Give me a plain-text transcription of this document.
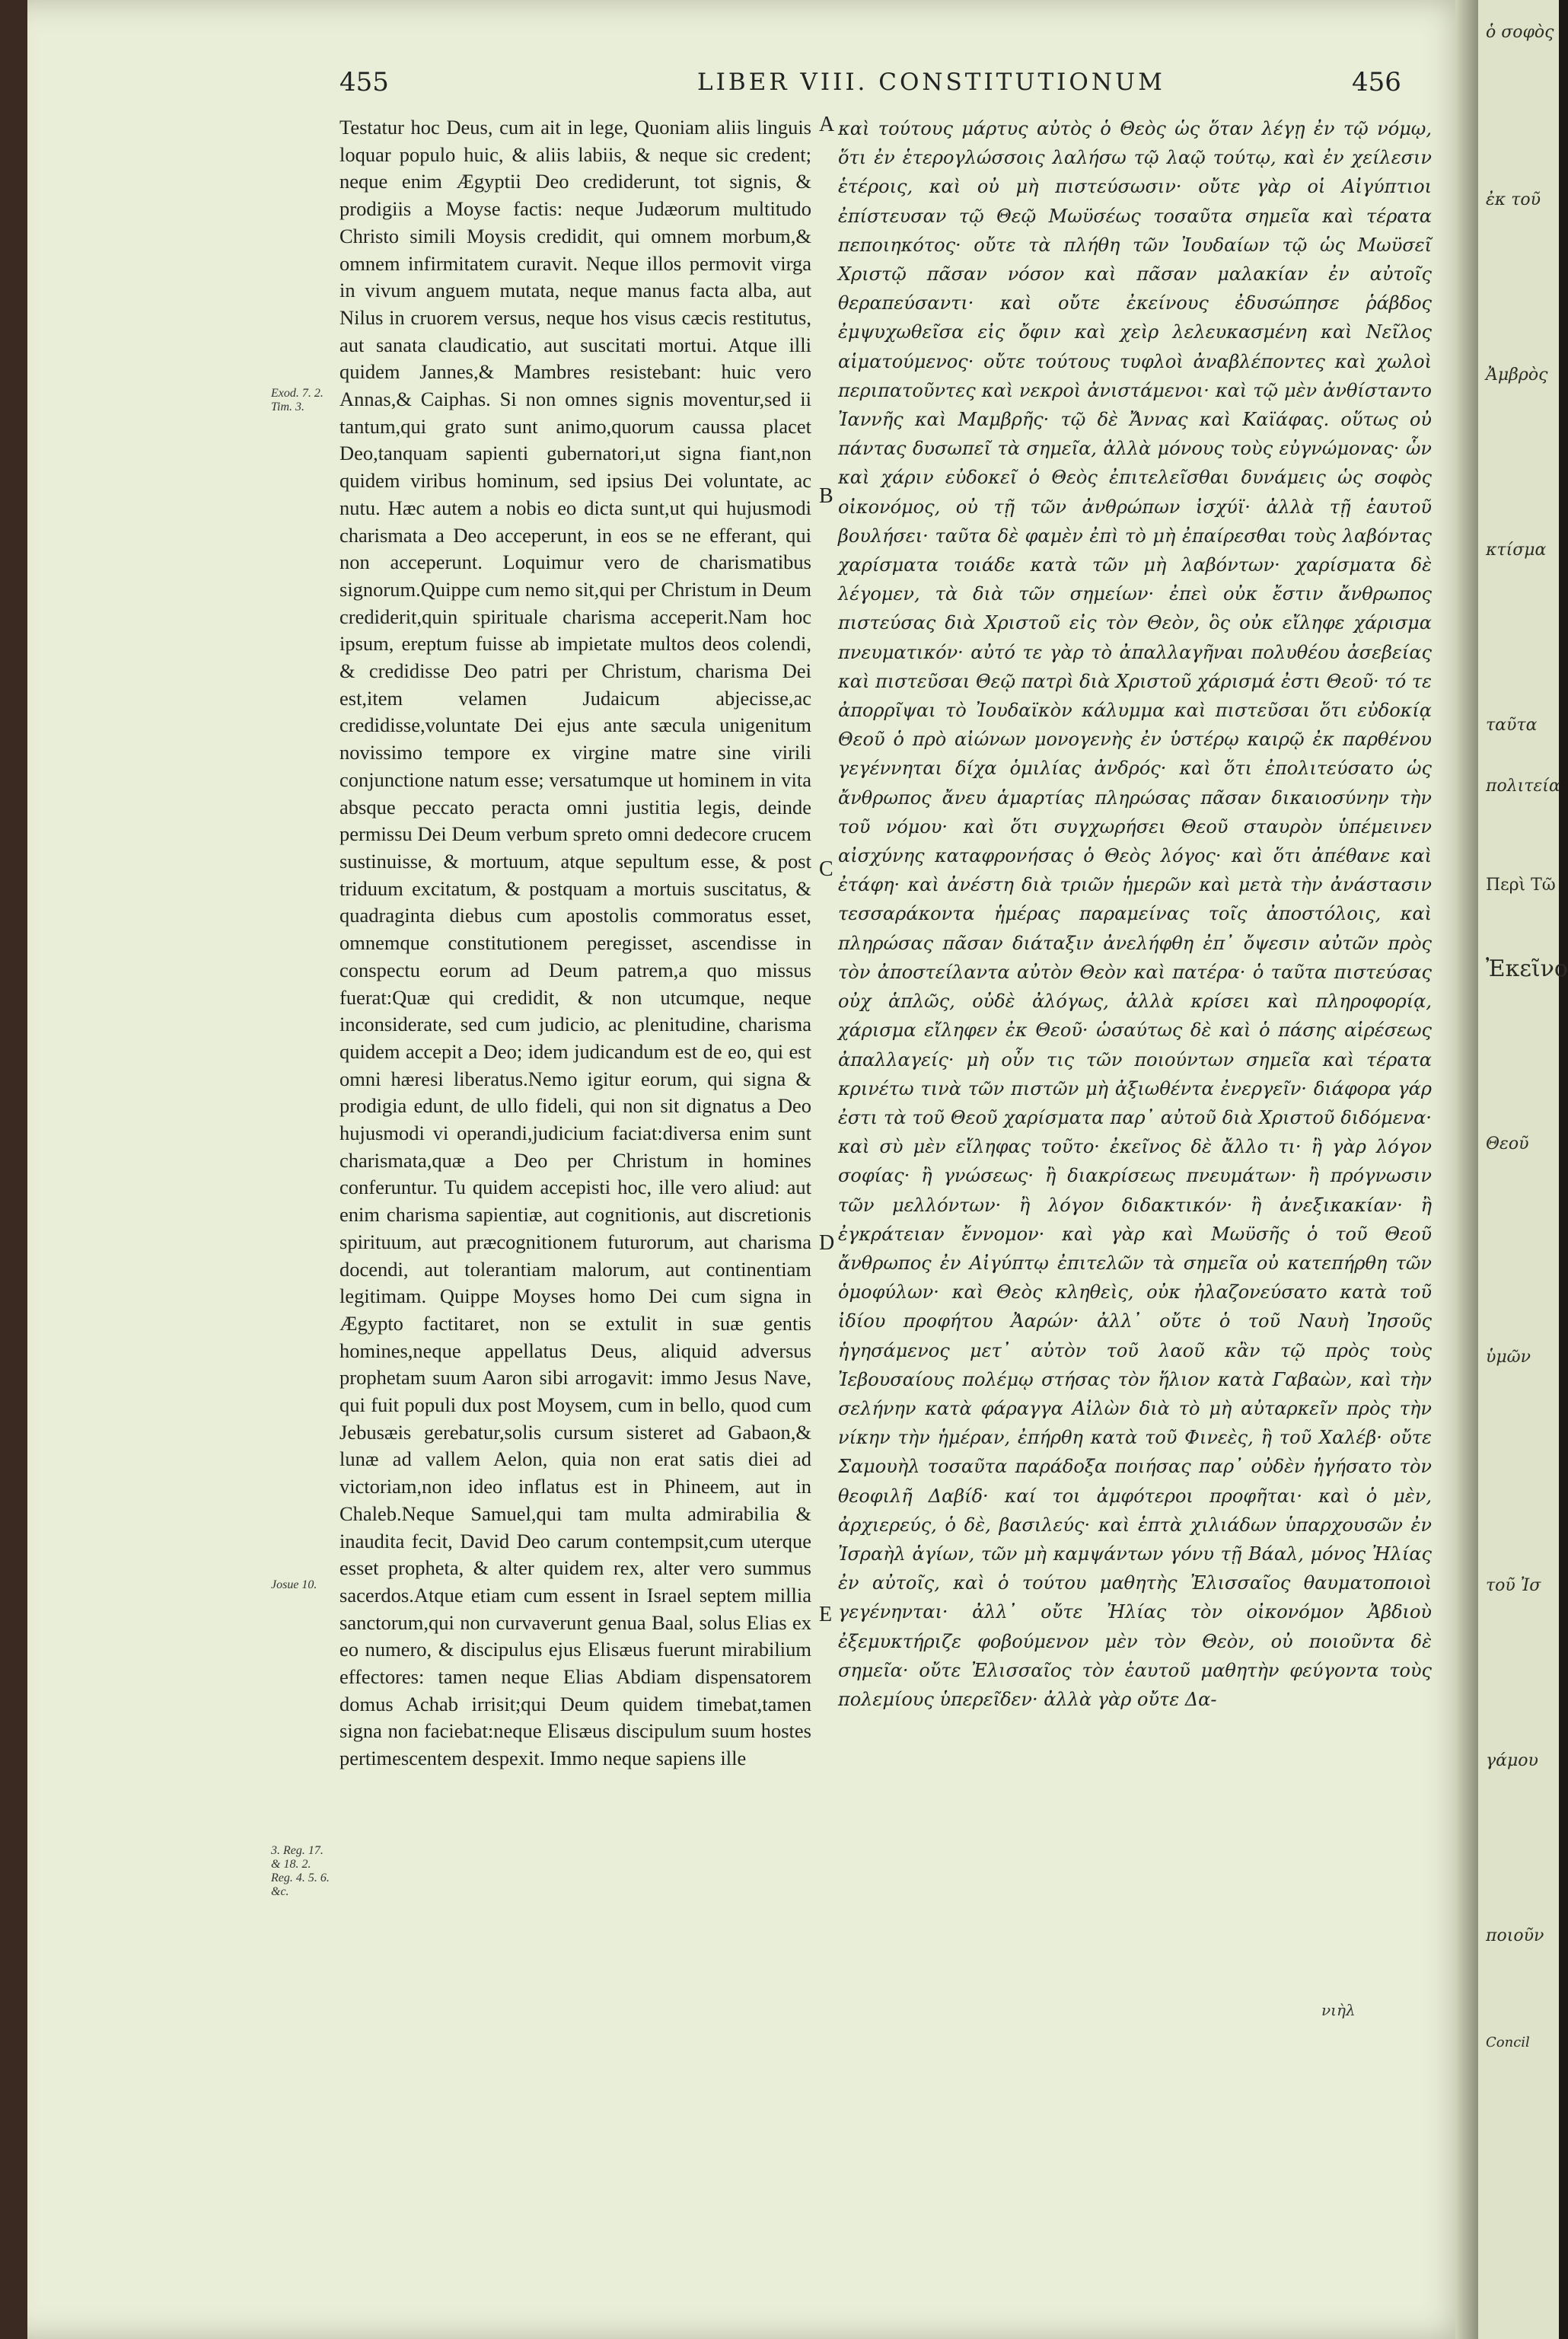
455	LIBER VIII. CONSTITUTIONUM	456
Exod. 7. 2. Tim. 3.
Josue 10.
3. Reg. 17. & 18. 2. Reg. 4. 5. 6. &c.

Testatur hoc Deus, cum ait in lege, Quoniam aliis linguis loquar populo huic, & aliis labiis, & neque sic credent; neque enim Ægyptii Deo crediderunt, tot signis, & prodigiis a Moyse factis: neque Judæorum multitudo Christo simili Moysis credidit, qui omnem morbum,& omnem infirmitatem curavit. Neque illos permovit virga in vivum anguem mutata, neque manus facta alba, aut Nilus in cruorem versus, neque hos visus cæcis restitutus, aut sanata claudicatio, aut suscitati mortui. Atque illi quidem Jannes,& Mambres resistebant: huic vero Annas,& Caiphas. Si non omnes signis moventur,sed ii tantum,qui grato sunt animo,quorum caussa placet Deo,tanquam sapienti gubernatori,ut signa fiant,non quidem viribus hominum, sed ipsius Dei voluntate, ac nutu. Hæc autem a nobis eo dicta sunt,ut qui hujusmodi charismata a Deo acceperunt, in eos se ne efferant, qui non acceperunt. Loquimur vero de charismatibus signorum.Quippe cum nemo sit,qui per Christum in Deum crediderit,quin spirituale charisma acceperit.Nam hoc ipsum, ereptum fuisse ab impietate multos deos colendi, & credidisse Deo patri per Christum, charisma Dei est,item velamen Judaicum abjecisse,ac credidisse,voluntate Dei ejus ante sæcula unigenitum novissimo tempore ex virgine matre sine virili conjunctione natum esse; versatumque ut hominem in vita absque peccato peracta omni justitia legis, deinde permissu Dei Deum verbum spreto omni dedecore crucem sustinuisse, & mortuum, atque sepultum esse, & post triduum excitatum, & postquam a mortuis suscitatus, & quadraginta diebus cum apostolis commoratus esset, omnemque constitutionem peregisset, ascendisse in conspectu eorum ad Deum patrem,a quo missus fuerat:Quæ qui credidit, & non utcumque, neque inconsiderate, sed cum judicio, ac plenitudine, charisma quidem accepit a Deo; idem judicandum est de eo, qui est omni hæresi liberatus.Nemo igitur eorum, qui signa & prodigia edunt, de ullo fideli, qui non sit dignatus a Deo hujusmodi vi operandi,judicium faciat:diversa enim sunt charismata,quæ a Deo per Christum in homines conferuntur. Tu quidem accepisti hoc, ille vero aliud: aut enim charisma sapientiæ, aut cognitionis, aut discretionis spirituum, aut præcognitionem futurorum, aut charisma docendi, aut tolerantiam malorum, aut continentiam legitimam. Quippe Moyses homo Dei cum signa in Ægypto factitaret, non se extulit in suæ gentis homines,neque appellatus Deus, aliquid adversus prophetam suum Aaron sibi arrogavit: immo Jesus Nave, qui fuit populi dux post Moysem, cum in bello, quod cum Jebusæis gerebatur,solis cursum sisteret ad Gabaon,& lunæ ad vallem Aelon, quia non erat satis diei ad victoriam,non ideo inflatus est in Phineem, aut in Chaleb.Neque Samuel,qui tam multa admirabilia & inaudita fecit, David Deo carum contempsit,cum uterque esset propheta, & alter quidem rex, alter vero summus sacerdos.Atque etiam cum essent in Israel septem millia sanctorum,qui non curvaverunt genua Baal, solus Elias ex eo numero, & discipulus ejus Elisæus fuerunt mirabilium effectores: tamen neque Elias Abdiam dispensatorem domus Achab irrisit;qui Deum quidem timebat,tamen signa non faciebat:neque Elisæus discipulum suum hostes pertimescentem despexit. Immo neque sapiens ille

A
B
C
D
E

καὶ τούτους μάρτυς αὐτὸς ὁ Θεὸς ὡς ὅταν λέγῃ ἐν τῷ νόμῳ, ὅτι ἐν ἑτερογλώσσοις λαλήσω τῷ λαῷ τούτῳ, καὶ ἐν χείλεσιν ἑτέροις, καὶ οὐ μὴ πιστεύσωσιν· οὔτε γὰρ οἱ Αἰγύπτιοι ἐπίστευσαν τῷ Θεῷ Μωϋσέως τοσαῦτα σημεῖα καὶ τέρατα πεποιηκότος· οὔτε τὰ πλήθη τῶν Ἰουδαίων τῷ ὡς Μωϋσεῖ Χριστῷ πᾶσαν νόσον καὶ πᾶσαν μαλακίαν ἐν αὐτοῖς θεραπεύσαντι· καὶ οὔτε ἐκείνους ἐδυσώπησε ῥάβδος ἐμψυχωθεῖσα εἰς ὄφιν καὶ χεὶρ λελευκασμένη καὶ Νεῖλος αἱματούμενος· οὔτε τούτους τυφλοὶ ἀναβλέποντες καὶ χωλοὶ περιπατοῦντες καὶ νεκροὶ ἀνιστάμενοι· καὶ τῷ μὲν ἀνθίσταντο Ἰαννῆς καὶ Μαμβρῆς· τῷ δὲ Ἄννας καὶ Καϊάφας. οὕτως οὐ πάντας δυσωπεῖ τὰ σημεῖα, ἀλλὰ μόνους τοὺς εὐγνώμονας· ὧν καὶ χάριν εὐδοκεῖ ὁ Θεὸς ἐπιτελεῖσθαι δυνάμεις ὡς σοφὸς οἰκονόμος, οὐ τῇ τῶν ἀνθρώπων ἰσχύϊ· ἀλλὰ τῇ ἑαυτοῦ βουλήσει· ταῦτα δὲ φαμὲν ἐπὶ τὸ μὴ ἐπαίρεσθαι τοὺς λαβόντας χαρίσματα τοιάδε κατὰ τῶν μὴ λαβόντων· χαρίσματα δὲ λέγομεν, τὰ διὰ τῶν σημείων· ἐπεὶ οὐκ ἔστιν ἄνθρωπος πιστεύσας διὰ Χριστοῦ εἰς τὸν Θεὸν, ὃς οὐκ εἴληφε χάρισμα πνευματικόν· αὐτό τε γὰρ τὸ ἀπαλλαγῆναι πολυθέου ἀσεβείας καὶ πιστεῦσαι Θεῷ πατρὶ διὰ Χριστοῦ χάρισμά ἐστι Θεοῦ· τό τε ἀπορρῖψαι τὸ Ἰουδαϊκὸν κάλυμμα καὶ πιστεῦσαι ὅτι εὐδοκίᾳ Θεοῦ ὁ πρὸ αἰώνων μονογενὴς ἐν ὑστέρῳ καιρῷ ἐκ παρθένου γεγέννηται δίχα ὁμιλίας ἀνδρός· καὶ ὅτι ἐπολιτεύσατο ὡς ἄνθρωπος ἄνευ ἁμαρτίας πληρώσας πᾶσαν δικαιοσύνην τὴν τοῦ νόμου· καὶ ὅτι συγχωρήσει Θεοῦ σταυρὸν ὑπέμεινεν αἰσχύνης καταφρονήσας ὁ Θεὸς λόγος· καὶ ὅτι ἀπέθανε καὶ ἐτάφη· καὶ ἀνέστη διὰ τριῶν ἡμερῶν καὶ μετὰ τὴν ἀνάστασιν τεσσαράκοντα ἡμέρας παραμείνας τοῖς ἀποστόλοις, καὶ πληρώσας πᾶσαν διάταξιν ἀνελήφθη ἐπ᾽ ὄψεσιν αὐτῶν πρὸς τὸν ἀποστείλαντα αὐτὸν Θεὸν καὶ πατέρα· ὁ ταῦτα πιστεύσας οὐχ ἁπλῶς, οὐδὲ ἀλόγως, ἀλλὰ κρίσει καὶ πληροφορίᾳ, χάρισμα εἴληφεν ἐκ Θεοῦ· ὡσαύτως δὲ καὶ ὁ πάσης αἱρέσεως ἀπαλλαγείς· μὴ οὖν τις τῶν ποιούντων σημεῖα καὶ τέρατα κρινέτω τινὰ τῶν πιστῶν μὴ ἀξιωθέντα ἐνεργεῖν· διάφορα γάρ ἐστι τὰ τοῦ Θεοῦ χαρίσματα παρ᾽ αὐτοῦ διὰ Χριστοῦ διδόμενα· καὶ σὺ μὲν εἴληφας τοῦτο· ἐκεῖνος δὲ ἄλλο τι· ἢ γὰρ λόγον σοφίας· ἢ γνώσεως· ἢ διακρίσεως πνευμάτων· ἢ πρόγνωσιν τῶν μελλόντων· ἢ λόγον διδακτικόν· ἢ ἀνεξικακίαν· ἢ ἐγκράτειαν ἔννομον· καὶ γὰρ καὶ Μωϋσῆς ὁ τοῦ Θεοῦ ἄνθρωπος ἐν Αἰγύπτῳ ἐπιτελῶν τὰ σημεῖα οὐ κατεπήρθη τῶν ὁμοφύλων· καὶ Θεὸς κληθεὶς, οὐκ ἠλαζονεύσατο κατὰ τοῦ ἰδίου προφήτου Ἀαρών· ἀλλ᾽ οὔτε ὁ τοῦ Ναυὴ Ἰησοῦς ἡγησάμενος μετ᾽ αὐτὸν τοῦ λαοῦ κἂν τῷ πρὸς τοὺς Ἰεβουσαίους πολέμῳ στήσας τὸν ἥλιον κατὰ Γαβαὼν, καὶ τὴν σελήνην κατὰ φάραγγα Αἰλὼν διὰ τὸ μὴ αὐταρκεῖν πρὸς τὴν νίκην τὴν ἡμέραν, ἐπήρθη κατὰ τοῦ Φινεὲς, ἢ τοῦ Χαλέβ· οὔτε Σαμουὴλ τοσαῦτα παράδοξα ποιήσας παρ᾽ οὐδὲν ἡγήσατο τὸν θεοφιλῆ Δαβίδ· καί τοι ἀμφότεροι προφῆται· καὶ ὁ μὲν, ἀρχιερεύς, ὁ δὲ, βασιλεύς· καὶ ἑπτὰ χιλιάδων ὑπαρχουσῶν ἐν Ἰσραὴλ ἁγίων, τῶν μὴ καμψάντων γόνυ τῇ Βάαλ, μόνος Ἠλίας ἐν αὐτοῖς, καὶ ὁ τούτου μαθητὴς Ἐλισσαῖος θαυματοποιοὶ γεγένηνται· ἀλλ᾽ οὔτε Ἠλίας τὸν οἰκονόμον Ἀβδιοὺ ἐξεμυκτήριζε φοβούμενον μὲν τὸν Θεὸν, οὐ ποιοῦντα δὲ σημεῖα· οὔτε Ἐλισσαῖος τὸν ἑαυτοῦ μαθητὴν φεύγοντα τοὺς πολεμίους ὑπερεῖδεν· ἀλλὰ γὰρ οὔτε Δα-

νιὴλ
ὁ σοφὸς
ἐκ τοῦ
Ἀμβρὸς
κτίσμα
ταῦτα
πολιτεία
Περὶ Τῶ
Ἐκεῖνο
Θεοῦ
ὑμῶν
τοῦ Ἰσ
γάμου
ποιοῦν
Concil
